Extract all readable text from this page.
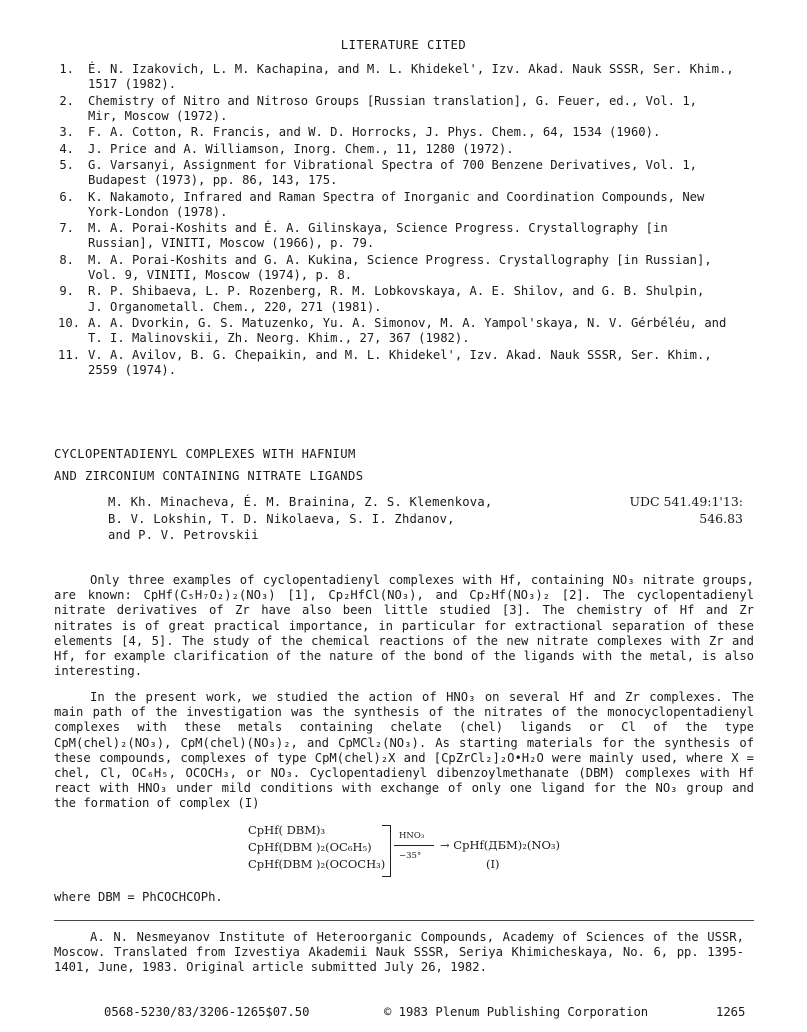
LITERATURE CITED
1. É. N. Izakovich, L. M. Kachapina, and M. L. Khidekel', Izv. Akad. Nauk SSSR, Ser. Khim.,
1517 (1982).
2. Chemistry of Nitro and Nitroso Groups [Russian translation], G. Feuer, ed., Vol. 1,
Mir, Moscow (1972).
3. F. A. Cotton, R. Francis, and W. D. Horrocks, J. Phys. Chem., 64, 1534 (1960).
4. J. Price and A. Williamson, Inorg. Chem., 11, 1280 (1972).
5. G. Varsanyi, Assignment for Vibrational Spectra of 700 Benzene Derivatives, Vol. 1,
Budapest (1973), pp. 86, 143, 175.
6. K. Nakamoto, Infrared and Raman Spectra of Inorganic and Coordination Compounds, New
York-London (1978).
7. M. A. Porai-Koshits and É. A. Gilinskaya, Science Progress. Crystallography [in
Russian], VINITI, Moscow (1966), p. 79.
8. M. A. Porai-Koshits and G. A. Kukina, Science Progress. Crystallography [in Russian],
Vol. 9, VINITI, Moscow (1974), p. 8.
9. R. P. Shibaeva, L. P. Rozenberg, R. M. Lobkovskaya, A. E. Shilov, and G. B. Shulpin,
J. Organometall. Chem., 220, 271 (1981).
10. A. A. Dvorkin, G. S. Matuzenko, Yu. A. Simonov, M. A. Yampol'skaya, N. V. Gérbéléu, and
T. I. Malinovskii, Zh. Neorg. Khim., 27, 367 (1982).
11. V. A. Avilov, B. G. Chepaikin, and M. L. Khidekel', Izv. Akad. Nauk SSSR, Ser. Khim.,
2559 (1974).
CYCLOPENTADIENYL COMPLEXES WITH HAFNIUM
AND ZIRCONIUM CONTAINING NITRATE LIGANDS
M. Kh. Minacheva, É. M. Brainina, Z. S. Klemenkova,
B. V. Lokshin, T. D. Nikolaeva, S. I. Zhdanov,
and P. V. Petrovskii
UDC 541.49:1'13:
546.83

Only three examples of cyclopentadienyl complexes with Hf, containing NO₃ nitrate groups, are known: CpHf(C₅H₇O₂)₂(NO₃) [1], Cp₂HfCl(NO₃), and Cp₂Hf(NO₃)₂ [2]. The cyclopentadienyl nitrate derivatives of Zr have also been little studied [3]. The chemistry of Hf and Zr nitrates is of great practical importance, in particular for extractional separation of these elements [4, 5]. The study of the chemical reactions of the new nitrate complexes with Zr and Hf, for example clarification of the nature of the bond of the ligands with the metal, is also interesting.

In the present work, we studied the action of HNO₃ on several Hf and Zr complexes. The main path of the investigation was the synthesis of the nitrates of the monocyclopentadienyl complexes with these metals containing chelate (chel) ligands or Cl of the type CpM(chel)₂(NO₃), CpM(chel)(NO₃)₂, and CpMCl₂(NO₃). As starting materials for the synthesis of these compounds, complexes of type CpM(chel)₂X and [CpZrCl₂]₂O•H₂O were mainly used, where X = chel, Cl, OC₆H₅, OCOCH₃, or NO₃. Cyclopentadienyl dibenzoylmethanate (DBM) complexes with Hf react with HNO₃ under mild conditions with exchange of only one ligand for the NO₃ group and the formation of complex (I)

CpHf( DBM)₃
CpHf(DBM )₂(OC₆H₅)
CpHf(DBM )₂(OCOCH₃)
HNO₃
−35°
→ CpHf(ДБМ)₂(NO₃)
(I)
where DBM = PhCOCHCOPh.

A. N. Nesmeyanov Institute of Heteroorganic Compounds, Academy of Sciences of the USSR, Moscow. Translated from Izvestiya Akademii Nauk SSSR, Seriya Khimicheskaya, No. 6, pp. 1395-1401, June, 1983. Original article submitted July 26, 1982.

0568-5230/83/3206-1265$07.50	© 1983 Plenum Publishing Corporation	1265
